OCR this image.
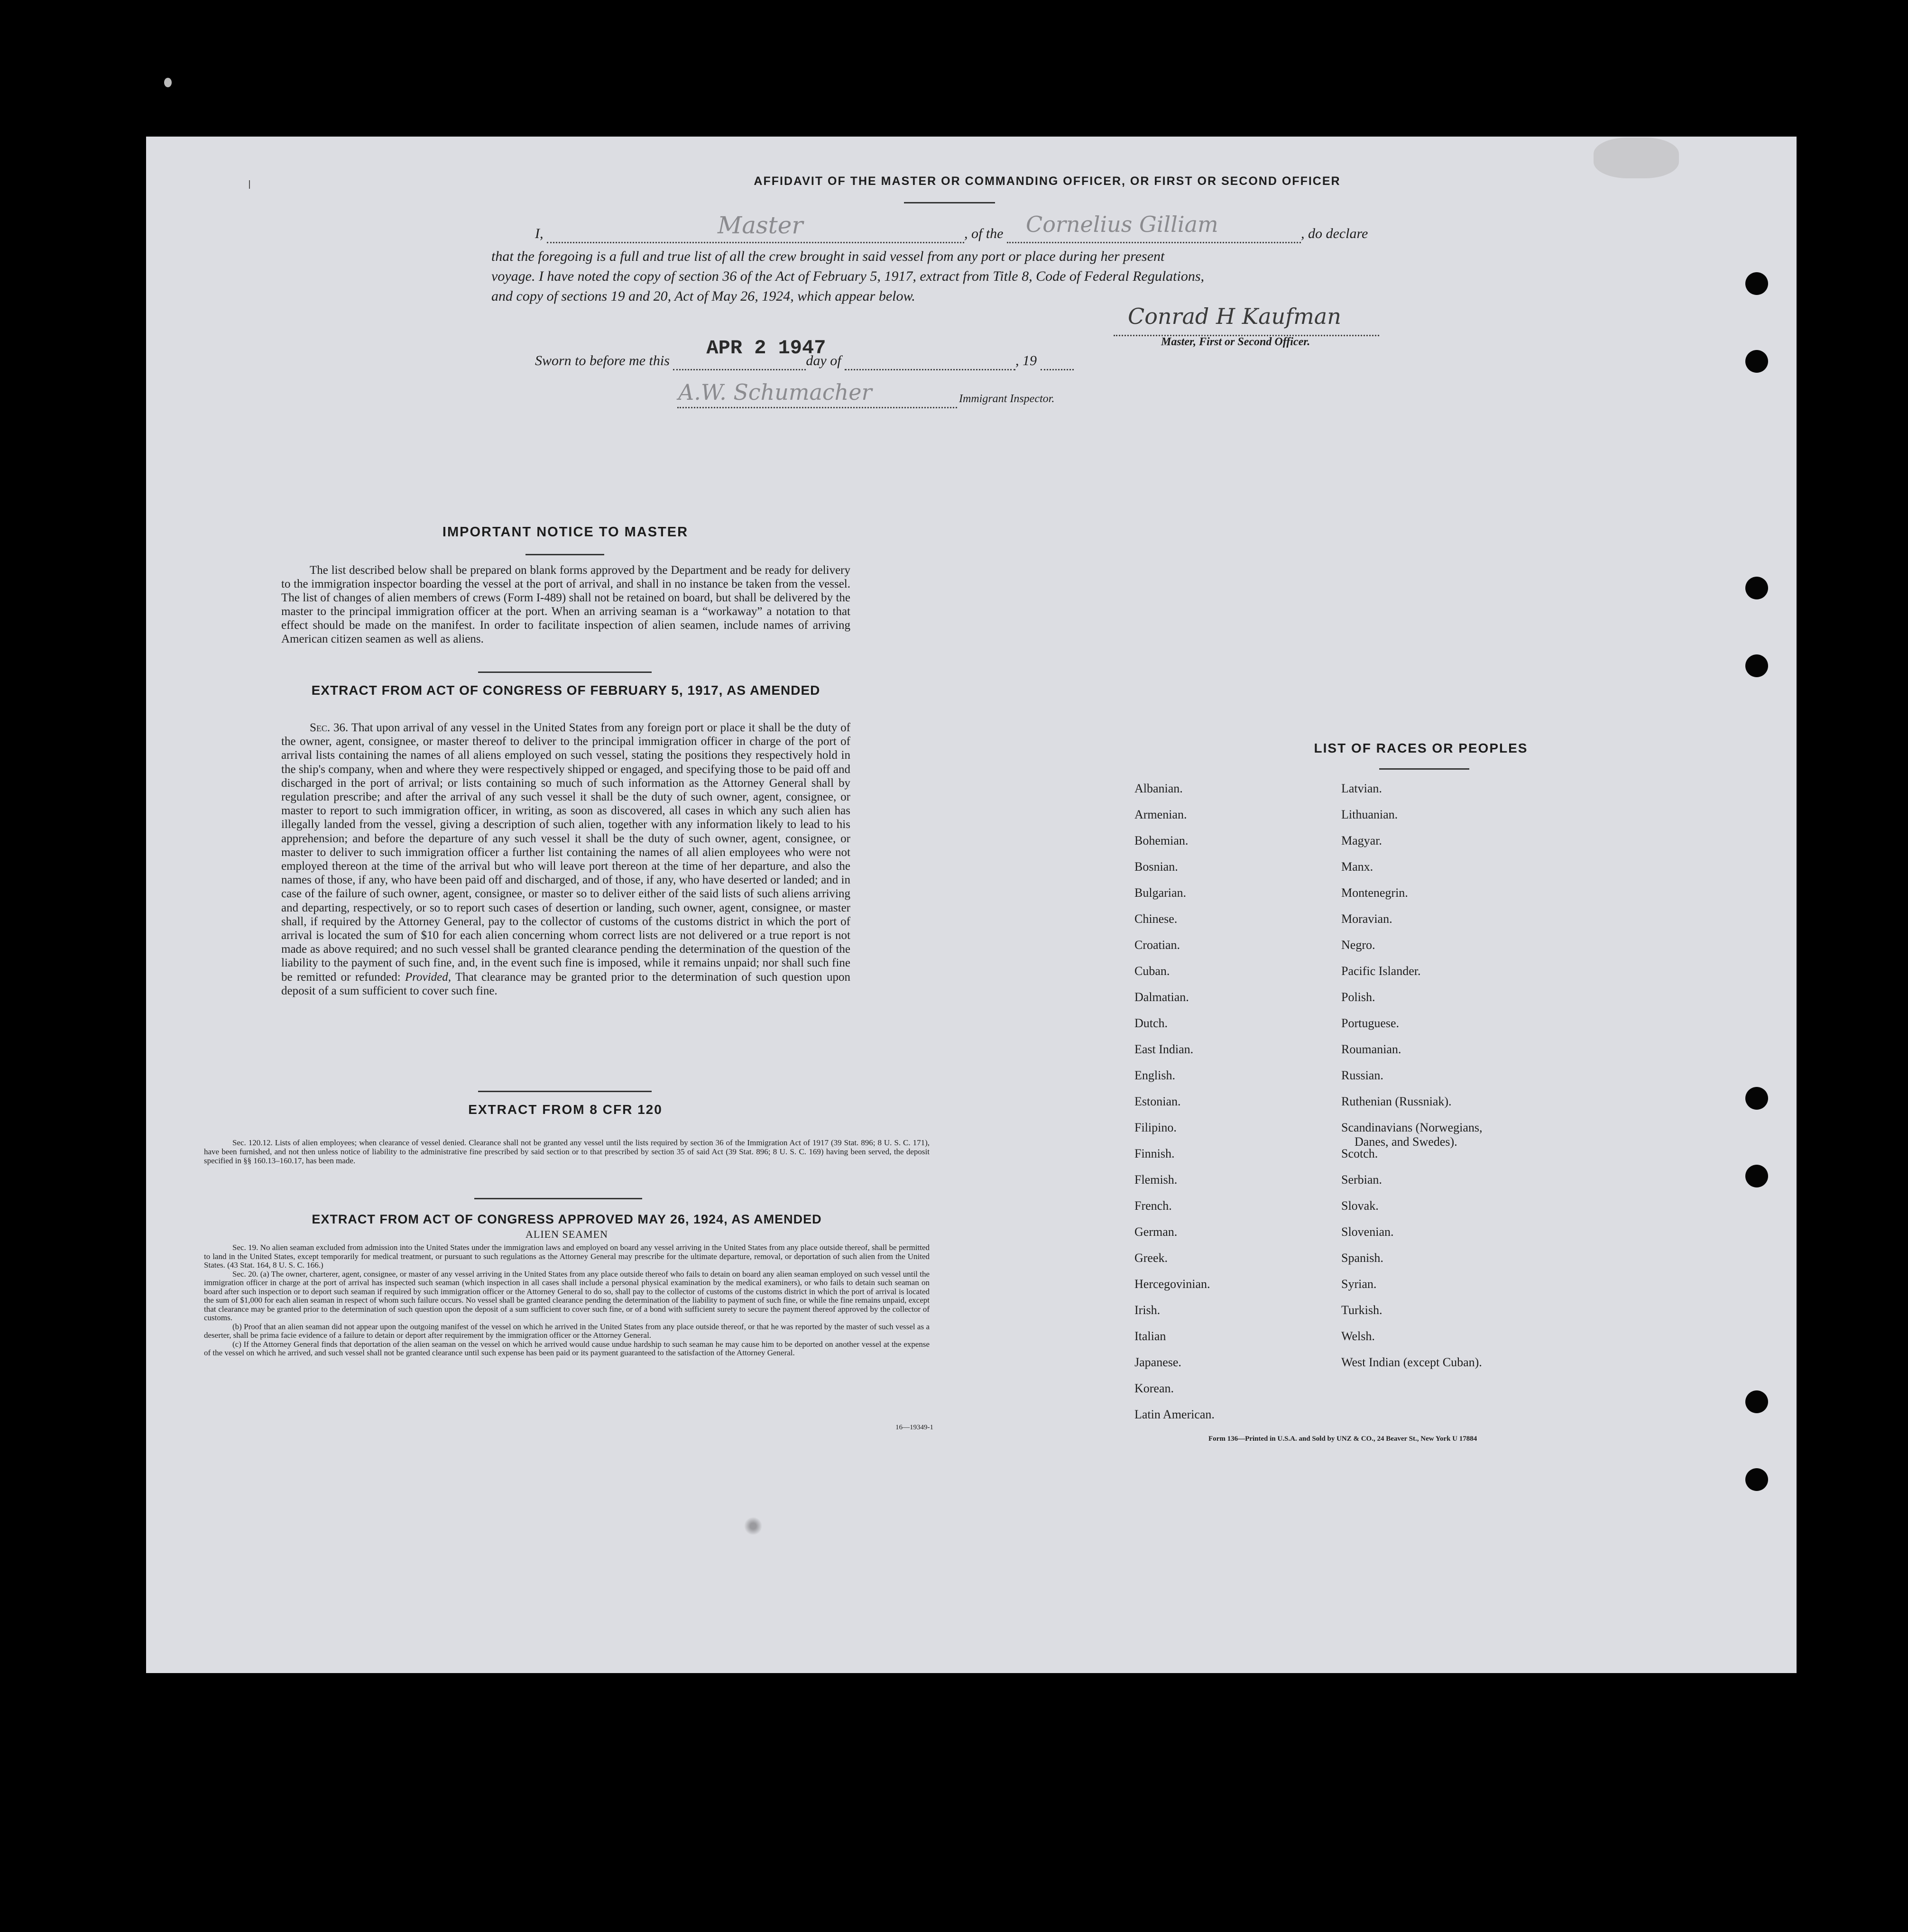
AFFIDAVIT OF THE MASTER OR COMMANDING OFFICER, OR FIRST OR SECOND OFFICER
I,	Master	, of the Cornelius Gilliam	, do declare
that the foregoing is a full and true list of all the crew brought in said vessel from any port or place during her present
voyage. I have noted the copy of section 36 of the Act of February 5, 1917, extract from Title 8, Code of Federal Regulations,
and copy of sections 19 and 20, Act of May 26, 1924, which appear below.
Conrad H Kaufman
Master, First or Second Officer.
Sworn to before me this
APR 2 1947
day of	, 19
A.W. Schumacher	Immigrant Inspector.
IMPORTANT NOTICE TO MASTER
The list described below shall be prepared on blank forms approved by the Department and be ready for delivery to the immigration inspector boarding the vessel at the port of arrival, and shall in no instance be taken from the vessel. The list of changes of alien members of crews (Form I-489) shall not be retained on board, but shall be delivered by the master to the principal immigration officer at the port. When an arriving seaman is a “workaway” a notation to that effect should be made on the manifest. In order to facilitate inspection of alien seamen, include names of arriving American citizen seamen as well as aliens.
EXTRACT FROM ACT OF CONGRESS OF FEBRUARY 5, 1917, AS AMENDED
Sec. 36. That upon arrival of any vessel in the United States from any foreign port or place it shall be the duty of the owner, agent, consignee, or master thereof to deliver to the principal immigration officer in charge of the port of arrival lists containing the names of all aliens employed on such vessel, stating the positions they respectively hold in the ship's company, when and where they were respectively shipped or engaged, and specifying those to be paid off and discharged in the port of arrival; or lists containing so much of such information as the Attorney General shall by regulation prescribe; and after the arrival of any such vessel it shall be the duty of such owner, agent, consignee, or master to report to such immigration officer, in writing, as soon as discovered, all cases in which any such alien has illegally landed from the vessel, giving a description of such alien, together with any information likely to lead to his apprehension; and before the departure of any such vessel it shall be the duty of such owner, agent, consignee, or master to deliver to such immigration officer a further list containing the names of all alien employees who were not employed thereon at the time of the arrival but who will leave port thereon at the time of her departure, and also the names of those, if any, who have been paid off and discharged, and of those, if any, who have deserted or landed; and in case of the failure of such owner, agent, consignee, or master so to deliver either of the said lists of such aliens arriving and departing, respectively, or so to report such cases of desertion or landing, such owner, agent, consignee, or master shall, if required by the Attorney General, pay to the collector of customs of the customs district in which the port of arrival is located the sum of $10 for each alien concerning whom correct lists are not delivered or a true report is not made as above required; and no such vessel shall be granted clearance pending the determination of the question of the liability to the payment of such fine, and, in the event such fine is imposed, while it remains unpaid; nor shall such fine be remitted or refunded: Provided, That clearance may be granted prior to the determination of such question upon deposit of a sum sufficient to cover such fine.
EXTRACT FROM 8 CFR 120
Sec. 120.12. Lists of alien employees; when clearance of vessel denied. Clearance shall not be granted any vessel until the lists required by section 36 of the Immigration Act of 1917 (39 Stat. 896; 8 U. S. C. 171), have been furnished, and not then unless notice of liability to the administrative fine prescribed by said section or to that prescribed by section 35 of said Act (39 Stat. 896; 8 U. S. C. 169) having been served, the deposit specified in §§ 160.13–160.17, has been made.
EXTRACT FROM ACT OF CONGRESS APPROVED MAY 26, 1924, AS AMENDED
ALIEN SEAMEN
Sec. 19. No alien seaman excluded from admission into the United States under the immigration laws and employed on board any vessel arriving in the United States from any place outside thereof, shall be permitted to land in the United States, except temporarily for medical treatment, or pursuant to such regulations as the Attorney General may prescribe for the ultimate departure, removal, or deportation of such alien from the United States. (43 Stat. 164, 8 U. S. C. 166.)
Sec. 20. (a) The owner, charterer, agent, consignee, or master of any vessel arriving in the United States from any place outside thereof who fails to detain on board any alien seaman employed on such vessel until the immigration officer in charge at the port of arrival has inspected such seaman (which inspection in all cases shall include a personal physical examination by the medical examiners), or who fails to detain such seaman on board after such inspection or to deport such seaman if required by such immigration officer or the Attorney General to do so, shall pay to the collector of customs of the customs district in which the port of arrival is located the sum of $1,000 for each alien seaman in respect of whom such failure occurs. No vessel shall be granted clearance pending the determination of the liability to payment of such fine, or while the fine remains unpaid, except that clearance may be granted prior to the determination of such question upon the deposit of a sum sufficient to cover such fine, or of a bond with sufficient surety to secure the payment thereof approved by the collector of customs.
(b) Proof that an alien seaman did not appear upon the outgoing manifest of the vessel on which he arrived in the United States from any place outside thereof, or that he was reported by the master of such vessel as a deserter, shall be prima facie evidence of a failure to detain or deport after requirement by the immigration officer or the Attorney General.
(c) If the Attorney General finds that deportation of the alien seaman on the vessel on which he arrived would cause undue hardship to such seaman he may cause him to be deported on another vessel at the expense of the vessel on which he arrived, and such vessel shall not be granted clearance until such expense has been paid or its payment guaranteed to the satisfaction of the Attorney General.
16—19349-1
LIST OF RACES OR PEOPLES
Albanian.
Armenian.
Bohemian.
Bosnian.
Bulgarian.
Chinese.
Croatian.
Cuban.
Dalmatian.
Dutch.
East Indian.
English.
Estonian.
Filipino.
Finnish.
Flemish.
French.
German.
Greek.
Hercegovinian.
Irish.
Italian
Japanese.
Korean.
Latin American.
Latvian.
Lithuanian.
Magyar.
Manx.
Montenegrin.
Moravian.
Negro.
Pacific Islander.
Polish.
Portuguese.
Roumanian.
Russian.
Ruthenian (Russniak).
Scandinavians (Norwegians,
Danes, and Swedes).
Scotch.
Serbian.
Slovak.
Slovenian.
Spanish.
Syrian.
Turkish.
Welsh.
West Indian (except Cuban).
Form 136—Printed in U.S.A. and Sold by UNZ & CO., 24 Beaver St., New York U 17884
